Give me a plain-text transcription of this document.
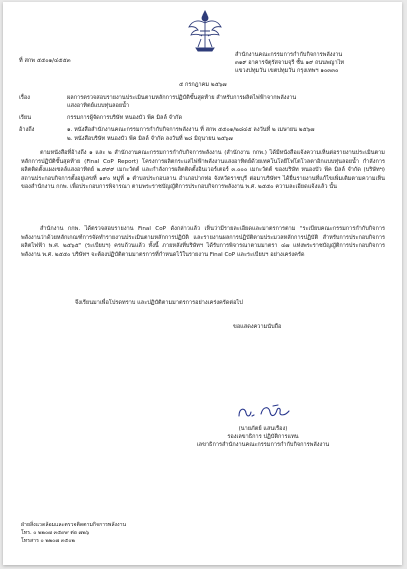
ที่ สกพ ๕๕๐๑/๔๕๕๓
สำนักงานคณะกรรมการกำกับกิจการพลังงาน
๓๑๙ อาคารจัตุรัสจามจุรี ชั้น ๑๙ ถนนพญาไท
แขวงปทุมวัน เขตปทุมวัน กรุงเทพฯ ๑๐๓๓๐
๕ กรกฎาคม ๒๕๖๗
เรื่อง	ผลการตรวจสอบรายงานประเมินตามหลักการปฏิบัติขั้นสุดท้าย สำหรับการผลิตไฟฟ้าจากพลังงาน
แสงอาทิตย์แบบทุ่นลอยน้ำ
เรียน	กรรมการผู้จัดการบริษัท หนองบัว พีค มิลล์ จำกัด
อ้างถึง	๑. หนังสือสำนักงานคณะกรรมการกำกับกิจการพลังงาน ที่ สกพ ๕๕๐๑/๒๘๔๕ ลงวันที่ ๒ เมษายน ๒๕๖๗
๒. หนังสือบริษัท หนองบัว พีค มิลล์ จำกัด ลงวันที่ ๒๘ มิถุนายน ๒๕๖๗

ตามหนังสือที่อ้างถึง ๑ และ ๒ สำนักงานคณะกรรมการกำกับกิจการพลังงาน (สำนักงาน กกพ.) ได้มีหนังสือแจ้งความเห็นต่อรายงานประเมินตามหลักการปฏิบัติขั้นสุดท้าย (Final CoP Report) โครงการผลิตกระแสไฟฟ้าพลังงานแสงอาทิตย์ด้วยเทคโนโลยีโฟโตโวลตาอิกแบบทุ่นลอยน้ำ กำลังการผลิตติดตั้งแผงเซลล์แสงอาทิตย์ ๒.๙๙๙ เมกะวัตต์ และกำลังการผลิตติดตั้งอินเวอร์เตอร์ ๓.๐๐๐ เมกะวัตต์ ของบริษัท หนองบัว พีค มิลล์ จำกัด (บริษัทฯ) สถานประกอบกิจการตั้งอยู่เลขที่ ๑๙๐ หมู่ที่ ๑ ตำบลประกอบลาน อำเภอปากท่อ จังหวัดราชบุรี ต่อมาบริษัทฯ ได้ยื่นรายงานที่แก้ไขเพิ่มเติมตามความเห็นของสำนักงาน กกพ. เพื่อประกอบการพิจารณา ตามพระราชบัญญัติการประกอบกิจการพลังงาน พ.ศ. ๒๕๕๐ ความละเอียดแจ้งแล้ว นั้น

สำนักงาน กกพ. ได้ตรวจสอบรายงาน Final CoP ดังกล่าวแล้ว เห็นว่ามีรายละเอียดและมาตรการตาม "ระเบียบคณะกรรมการกำกับกิจการพลังงานว่าด้วยหลักเกณฑ์การจัดทำรายงานประเมินตามหลักการปฏิบัติ และรายงานผลการปฏิบัติตามประมวลหลักการปฏิบัติ สำหรับการประกอบกิจการผลิตไฟฟ้า พ.ศ. ๒๕๖๕" (ระเบียบฯ) ครบถ้วนแล้ว ทั้งนี้ ภายหลังที่บริษัทฯ ได้รับการพิจารณาตามมาตรา ๔๗ แห่งพระราชบัญญัติการประกอบกิจการพลังงาน พ.ศ. ๒๕๕๐ บริษัทฯ จะต้องปฏิบัติตามมาตรการที่กำหนดไว้ในรายงาน Final CoP และระเบียบฯ อย่างเคร่งครัด

จึงเรียนมาเพื่อโปรดทราบ และปฏิบัติตามมาตรการอย่างเคร่งครัดต่อไป
ขอแสดงความนับถือ
(นายภัตย์ แสนเรือง)
รองเลขาธิการ ปฏิบัติการแทน
เลขาธิการสำนักงานคณะกรรมการกำกับกิจการพลังงาน
ฝ่ายสิ่งแวดล้อมและตรวจติดตามกิจการพลังงาน
โทร. ๐ ๒๒๐๗ ๓๕๙๙ ต่อ ๗๒๖
โทรสาร ๐ ๒๒๐๗ ๓๕๐๒
